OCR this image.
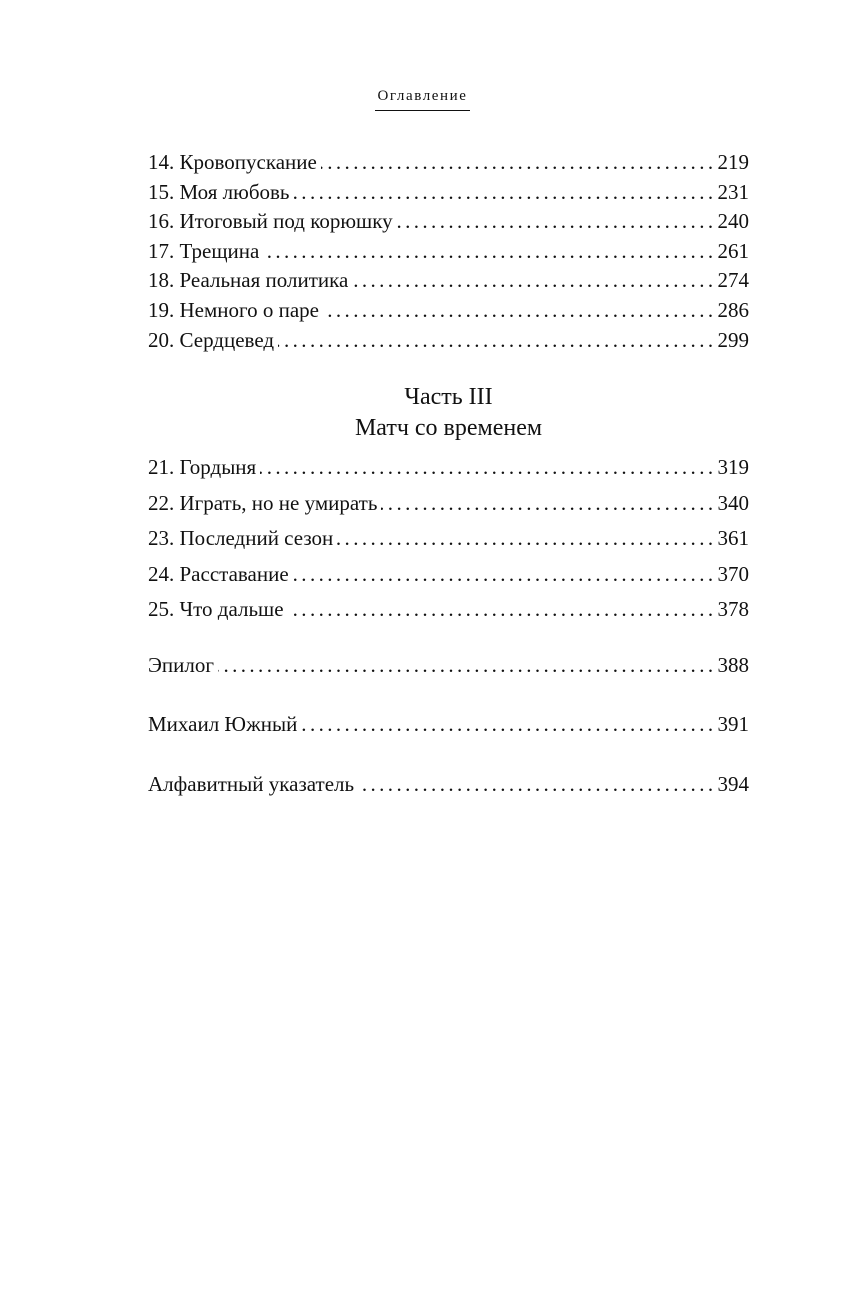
Оглавление
14. Кровопускание .....	219
15. Моя любовь .....	231
16. Итоговый под корюшку .....	240
17. Трещина .....	261
18. Реальная политика .....	274
19. Немного о паре .....	286
20. Сердцевед .....	299
Часть III
Матч со временем
21. Гордыня .....	319
22. Играть, но не умирать .....	340
23. Последний сезон .....	361
24. Расставание .....	370
25. Что дальше .....	378
Эпилог .....	388
Михаил Южный .....	391
Алфавитный указатель .....	394
